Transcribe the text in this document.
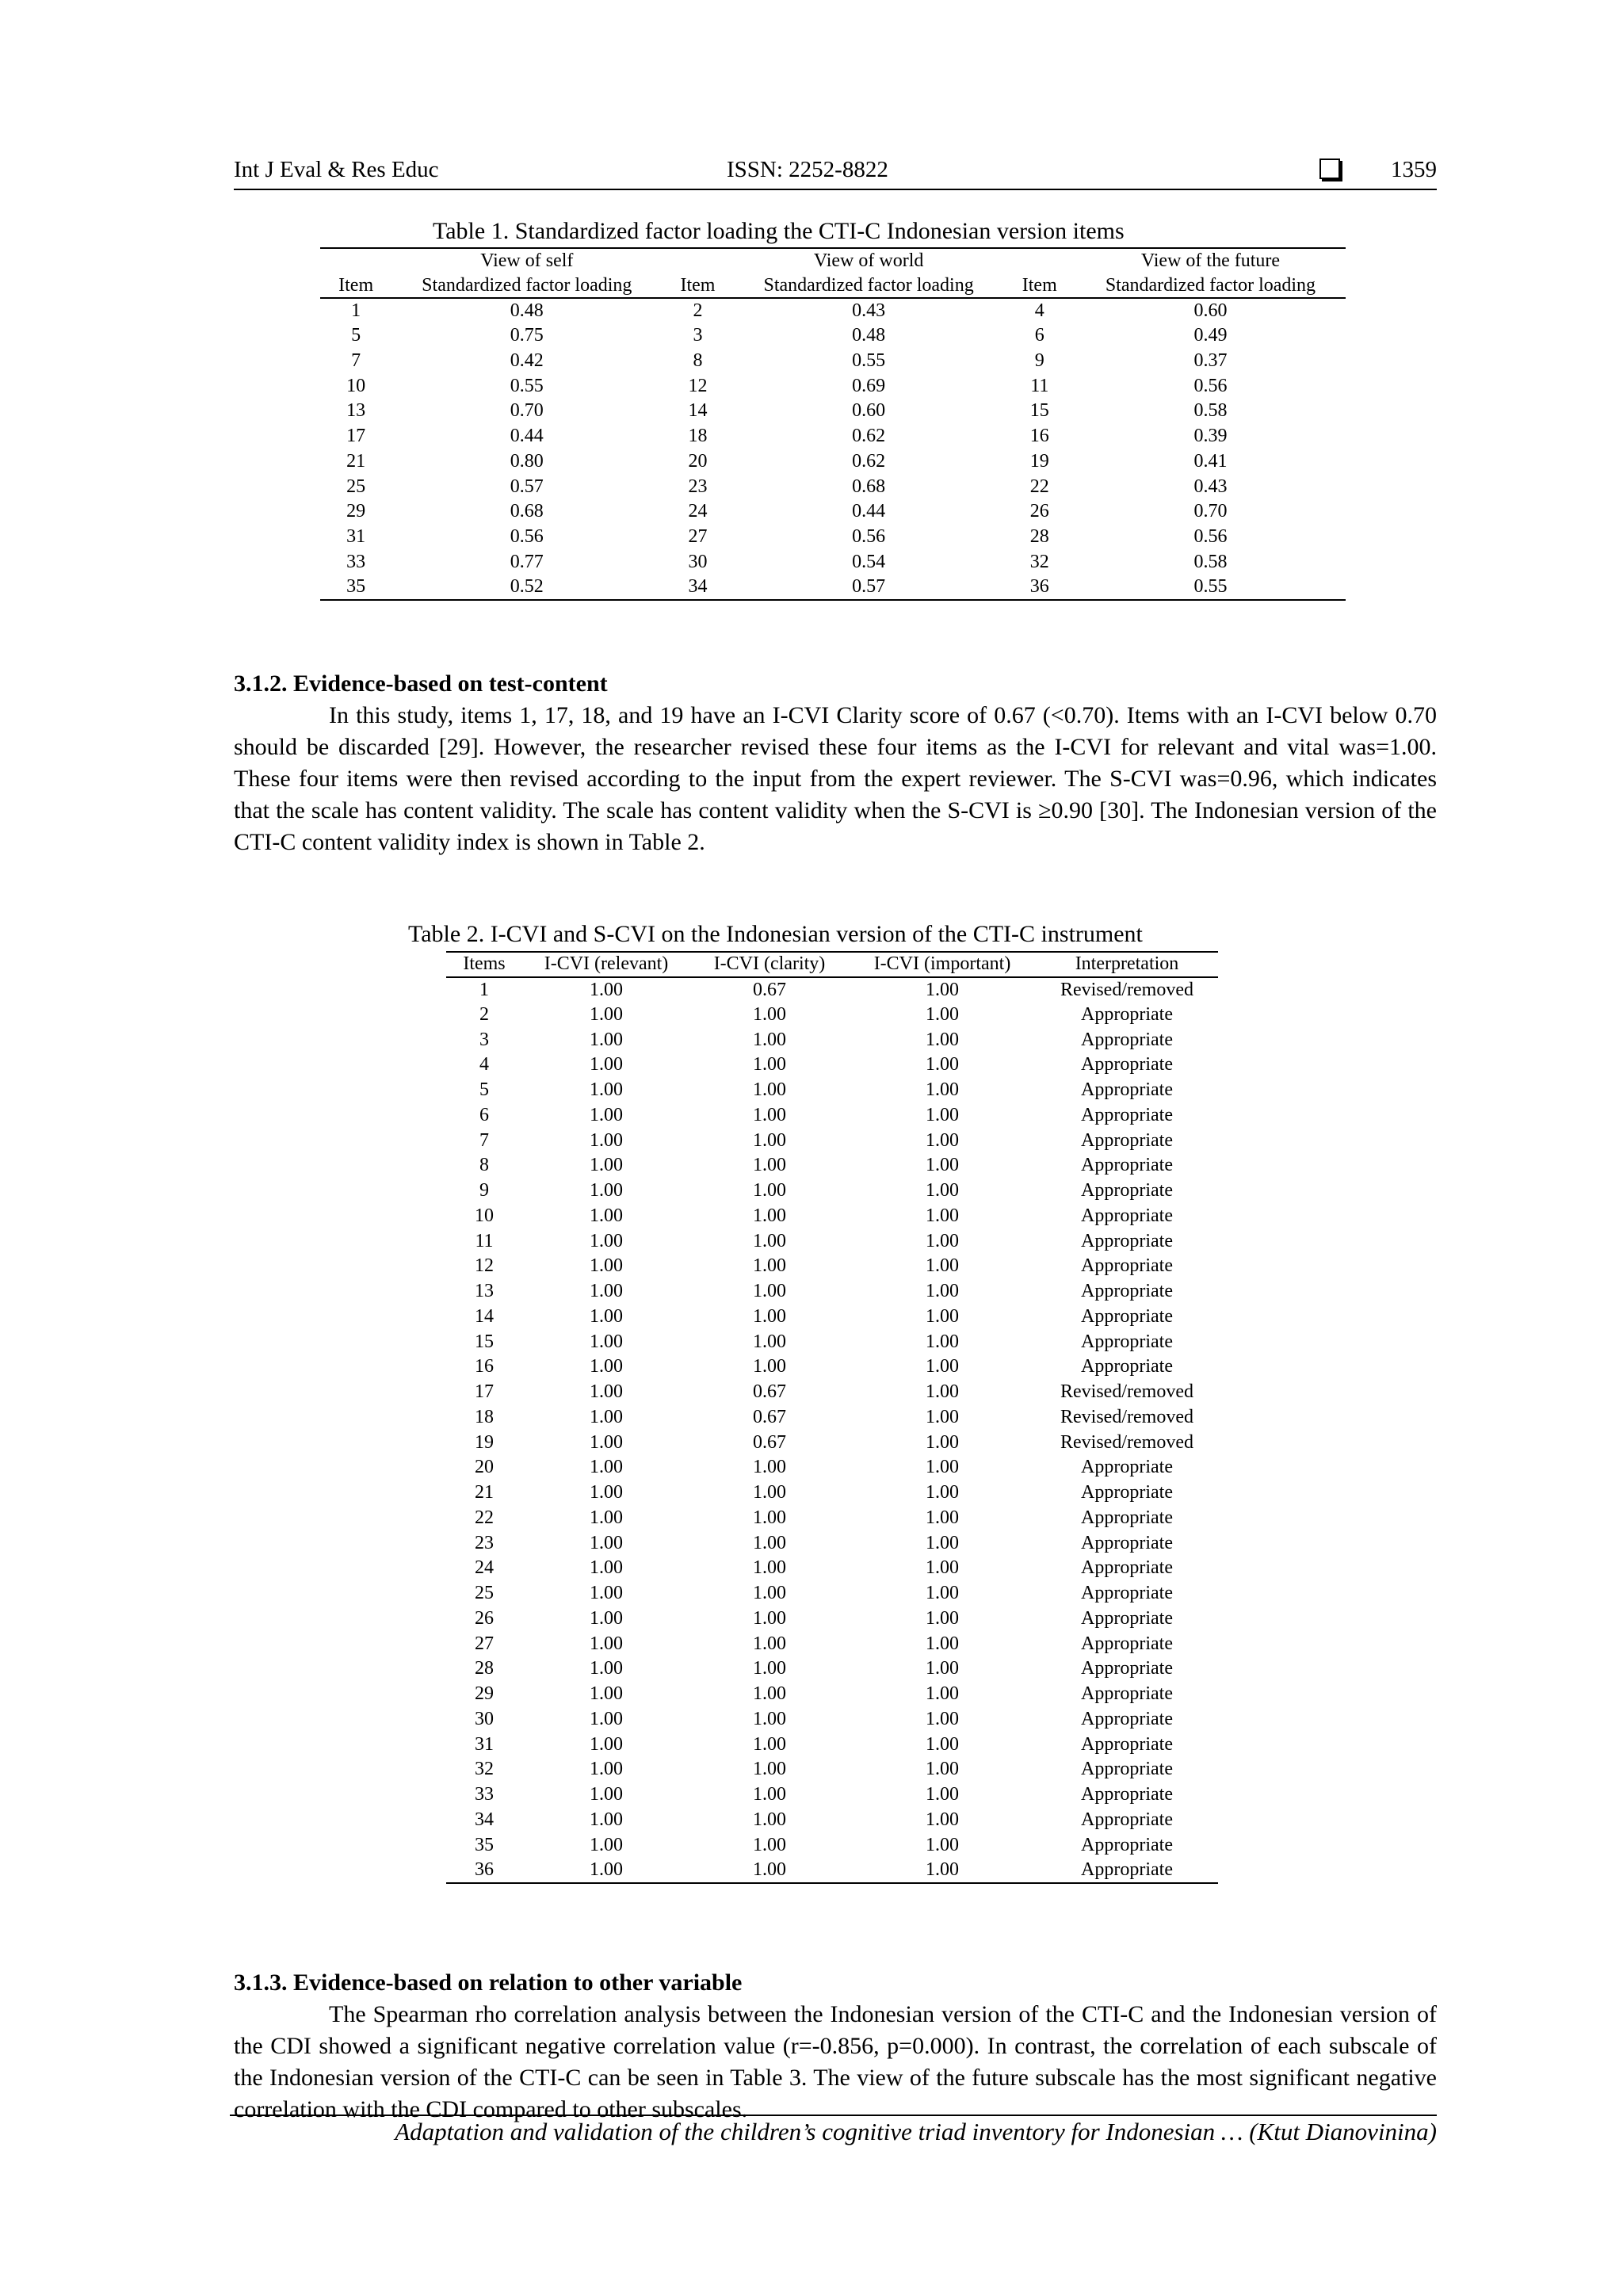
Int J Eval & Res Educ	ISSN: 2252-8822	1359
Table 1. Standardized factor loading the CTI-C Indonesian version items
	View of self		View of world		View of the future
Item	Standardized factor loading	Item	Standardized factor loading	Item	Standardized factor loading
1	0.48	2	0.43	4	0.60
5	0.75	3	0.48	6	0.49
7	0.42	8	0.55	9	0.37
10	0.55	12	0.69	11	0.56
13	0.70	14	0.60	15	0.58
17	0.44	18	0.62	16	0.39
21	0.80	20	0.62	19	0.41
25	0.57	23	0.68	22	0.43
29	0.68	24	0.44	26	0.70
31	0.56	27	0.56	28	0.56
33	0.77	30	0.54	32	0.58
35	0.52	34	0.57	36	0.55
3.1.2. Evidence-based on test-content

In this study, items 1, 17, 18, and 19 have an I-CVI Clarity score of 0.67 (<0.70). Items with an I-CVI below 0.70 should be discarded [29]. However, the researcher revised these four items as the I-CVI for relevant and vital was=1.00. These four items were then revised according to the input from the expert reviewer. The S-CVI was=0.96, which indicates that the scale has content validity. The scale has content validity when the S-CVI is ≥0.90 [30]. The Indonesian version of the CTI-C content validity index is shown in Table 2.

Table 2. I-CVI and S-CVI on the Indonesian version of the CTI-C instrument
Items	I-CVI (relevant)	I-CVI (clarity)	I-CVI (important)	Interpretation
1	1.00	0.67	1.00	Revised/removed
2	1.00	1.00	1.00	Appropriate
3	1.00	1.00	1.00	Appropriate
4	1.00	1.00	1.00	Appropriate
5	1.00	1.00	1.00	Appropriate
6	1.00	1.00	1.00	Appropriate
7	1.00	1.00	1.00	Appropriate
8	1.00	1.00	1.00	Appropriate
9	1.00	1.00	1.00	Appropriate
10	1.00	1.00	1.00	Appropriate
11	1.00	1.00	1.00	Appropriate
12	1.00	1.00	1.00	Appropriate
13	1.00	1.00	1.00	Appropriate
14	1.00	1.00	1.00	Appropriate
15	1.00	1.00	1.00	Appropriate
16	1.00	1.00	1.00	Appropriate
17	1.00	0.67	1.00	Revised/removed
18	1.00	0.67	1.00	Revised/removed
19	1.00	0.67	1.00	Revised/removed
20	1.00	1.00	1.00	Appropriate
21	1.00	1.00	1.00	Appropriate
22	1.00	1.00	1.00	Appropriate
23	1.00	1.00	1.00	Appropriate
24	1.00	1.00	1.00	Appropriate
25	1.00	1.00	1.00	Appropriate
26	1.00	1.00	1.00	Appropriate
27	1.00	1.00	1.00	Appropriate
28	1.00	1.00	1.00	Appropriate
29	1.00	1.00	1.00	Appropriate
30	1.00	1.00	1.00	Appropriate
31	1.00	1.00	1.00	Appropriate
32	1.00	1.00	1.00	Appropriate
33	1.00	1.00	1.00	Appropriate
34	1.00	1.00	1.00	Appropriate
35	1.00	1.00	1.00	Appropriate
36	1.00	1.00	1.00	Appropriate
3.1.3. Evidence-based on relation to other variable

The Spearman rho correlation analysis between the Indonesian version of the CTI-C and the Indonesian version of the CDI showed a significant negative correlation value (r=-0.856, p=0.000). In contrast, the correlation of each subscale of the Indonesian version of the CTI-C can be seen in Table 3. The view of the future subscale has the most significant negative correlation with the CDI compared to other subscales.

Adaptation and validation of the children’s cognitive triad inventory for Indonesian … (Ktut Dianovinina)
